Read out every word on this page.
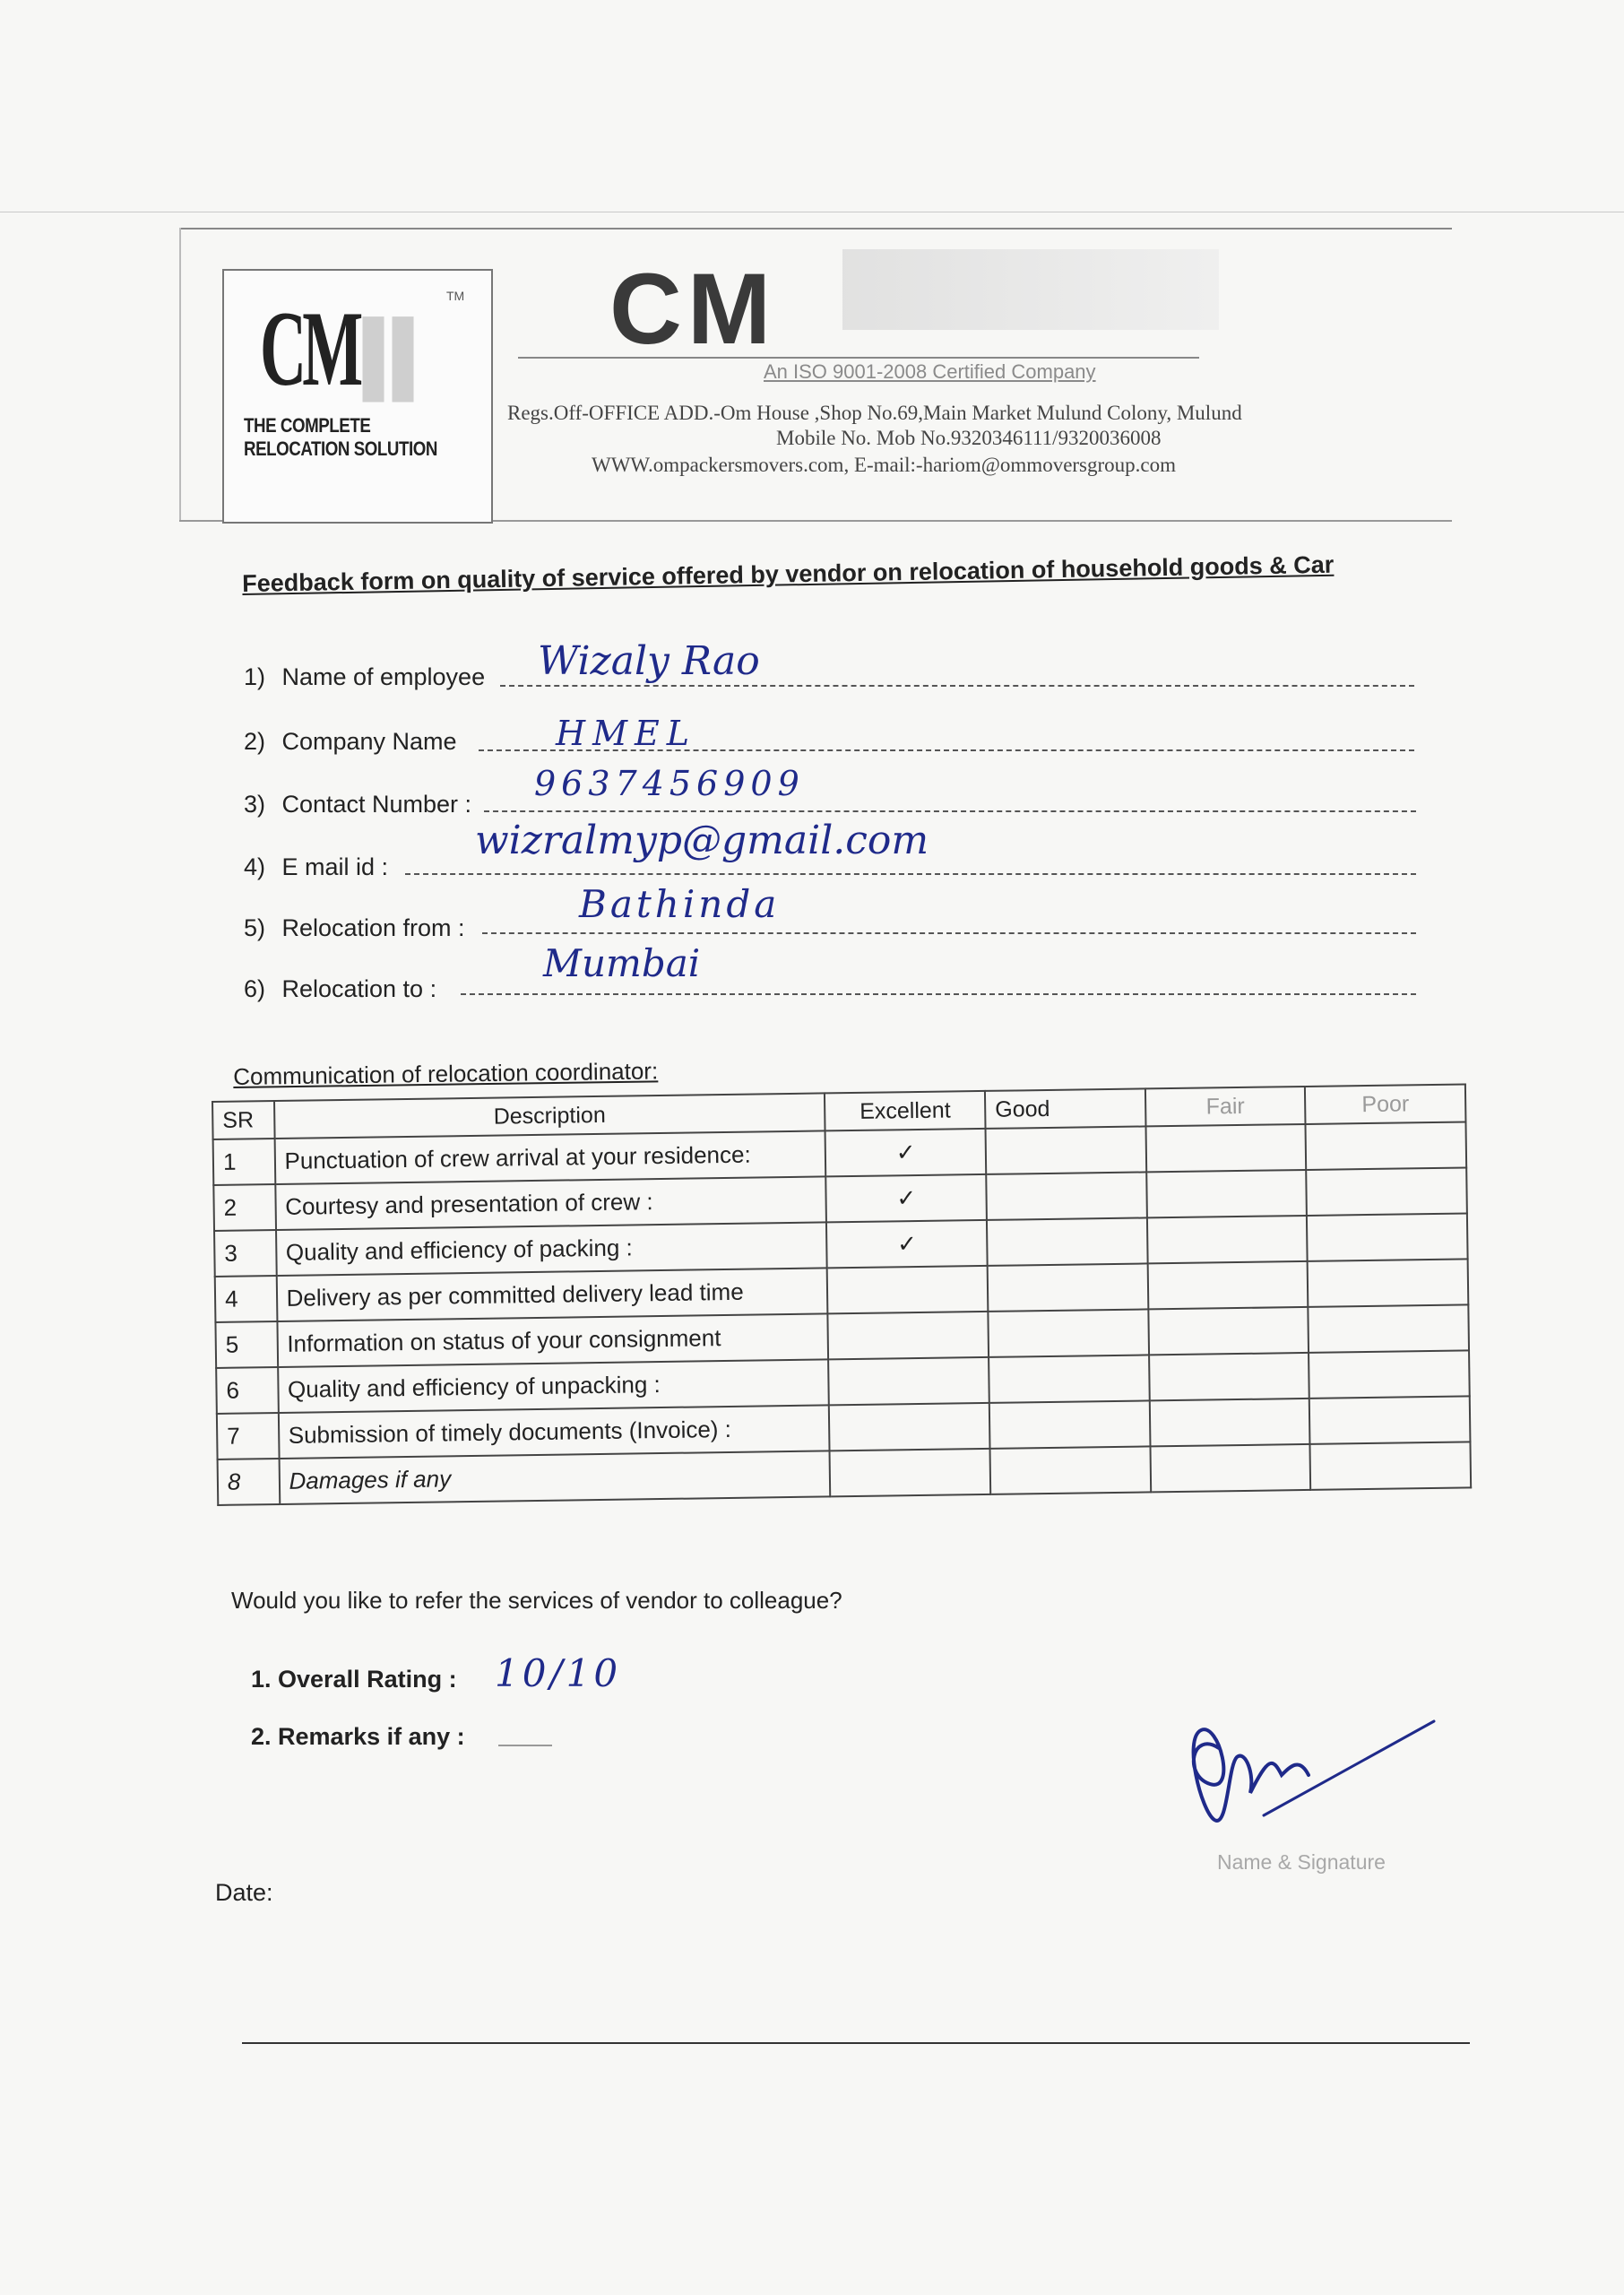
CM ▮▮ TM
THE COMPLETE RELOCATION SOLUTION
CM
An ISO 9001-2008 Certified Company
Regs.Off-OFFICE ADD.-Om House ,Shop No.69,Main Market Mulund Colony, Mulund
Mobile No. Mob No.9320346111/9320036008
WWW.ompackersmovers.com, E-mail:-hariom@ommoversgroup.com
Feedback form on quality of service offered by vendor on relocation of household goods & Car
1) Name of employee Wizaly Rao
2) Company Name	HMEL
3) Contact Number :
9637456909
4) E mail id :
wizralmyp@gmail.com
5) Relocation from :
Bathinda
6) Relocation to :
Mumbai
Communication of relocation coordinator:
SR	Description	Excellent	Good	Fair	Poor
1	Punctuation of crew arrival at your residence:	✓			
2	Courtesy and presentation of crew :	✓			
3	Quality and efficiency of packing :	✓			
4	Delivery as per committed delivery lead time				
5	Information on status of your consignment				
6	Quality and efficiency of unpacking :				
7	Submission of timely documents (Invoice) :				
8	Damages if any				
Would you like to refer the services of vendor to colleague?
1. Overall Rating : 10/10
2. Remarks if any :
Name & Signature
Date:
